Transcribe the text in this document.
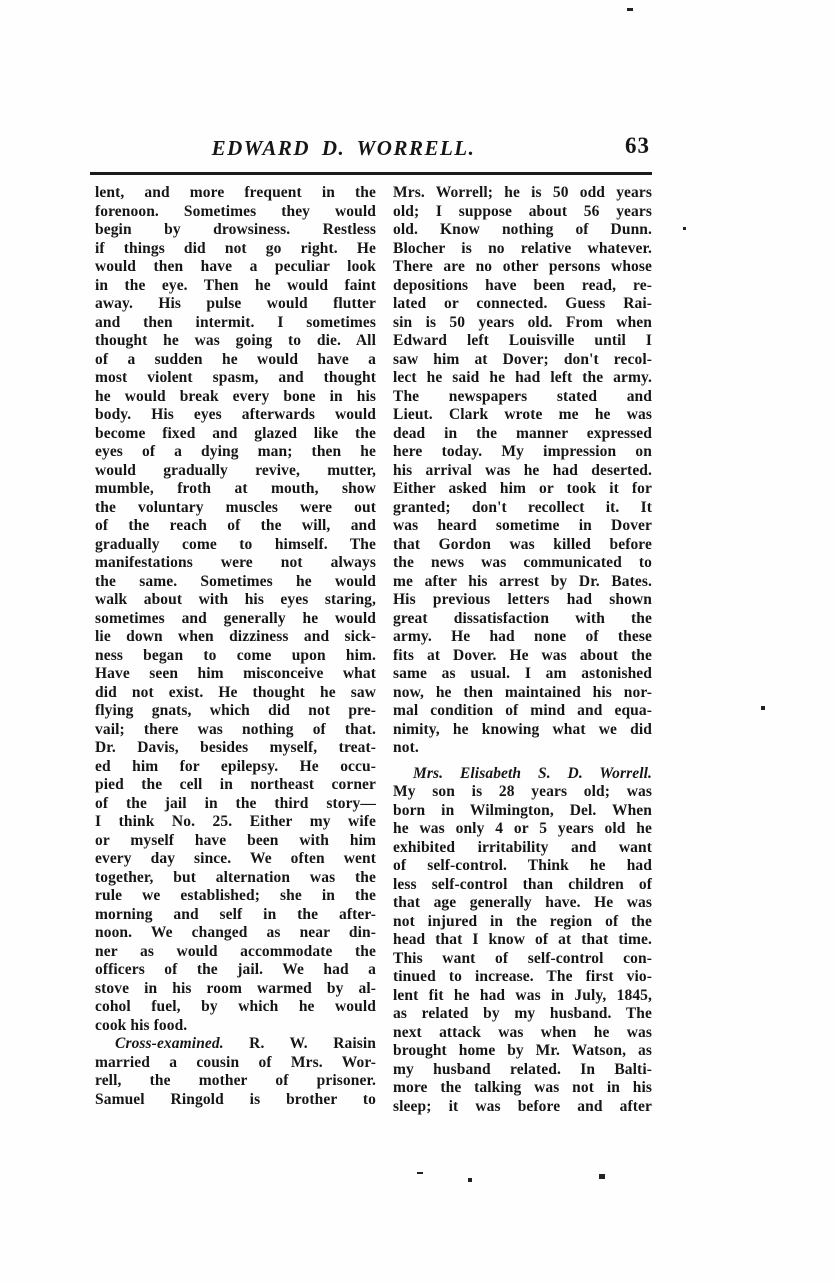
EDWARD D. WORRELL.	63
lent, and more frequent in the
forenoon. Sometimes they would
begin by drowsiness. Restless
if things did not go right. He
would then have a peculiar look
in the eye. Then he would faint
away. His pulse would flutter
and then intermit. I sometimes
thought he was going to die. All
of a sudden he would have a
most violent spasm, and thought
he would break every bone in his
body. His eyes afterwards would
become fixed and glazed like the
eyes of a dying man; then he
would gradually revive, mutter,
mumble, froth at mouth, show
the voluntary muscles were out
of the reach of the will, and
gradually come to himself. The
manifestations were not always
the same. Sometimes he would
walk about with his eyes staring,
sometimes and generally he would
lie down when dizziness and sick-
ness began to come upon him.
Have seen him misconceive what
did not exist. He thought he saw
flying gnats, which did not pre-
vail; there was nothing of that.
Dr. Davis, besides myself, treat-
ed him for epilepsy. He occu-
pied the cell in northeast corner
of the jail in the third story—
I think No. 25. Either my wife
or myself have been with him
every day since. We often went
together, but alternation was the
rule we established; she in the
morning and self in the after-
noon. We changed as near din-
ner as would accommodate the
officers of the jail. We had a
stove in his room warmed by al-
cohol fuel, by which he would
cook his food.
Cross-examined. R. W. Raisin
married a cousin of Mrs. Wor-
rell, the mother of prisoner.
Samuel Ringold is brother to
Mrs. Worrell; he is 50 odd years
old; I suppose about 56 years
old. Know nothing of Dunn.
Blocher is no relative whatever.
There are no other persons whose
depositions have been read, re-
lated or connected. Guess Rai-
sin is 50 years old. From when
Edward left Louisville until I
saw him at Dover; don't recol-
lect he said he had left the army.
The newspapers stated and
Lieut. Clark wrote me he was
dead in the manner expressed
here today. My impression on
his arrival was he had deserted.
Either asked him or took it for
granted; don't recollect it. It
was heard sometime in Dover
that Gordon was killed before
the news was communicated to
me after his arrest by Dr. Bates.
His previous letters had shown
great dissatisfaction with the
army. He had none of these
fits at Dover. He was about the
same as usual. I am astonished
now, he then maintained his nor-
mal condition of mind and equa-
nimity, he knowing what we did
not.
Mrs. Elisabeth S. D. Worrell.
My son is 28 years old; was
born in Wilmington, Del. When
he was only 4 or 5 years old he
exhibited irritability and want
of self-control. Think he had
less self-control than children of
that age generally have. He was
not injured in the region of the
head that I know of at that time.
This want of self-control con-
tinued to increase. The first vio-
lent fit he had was in July, 1845,
as related by my husband. The
next attack was when he was
brought home by Mr. Watson, as
my husband related. In Balti-
more the talking was not in his
sleep; it was before and after
